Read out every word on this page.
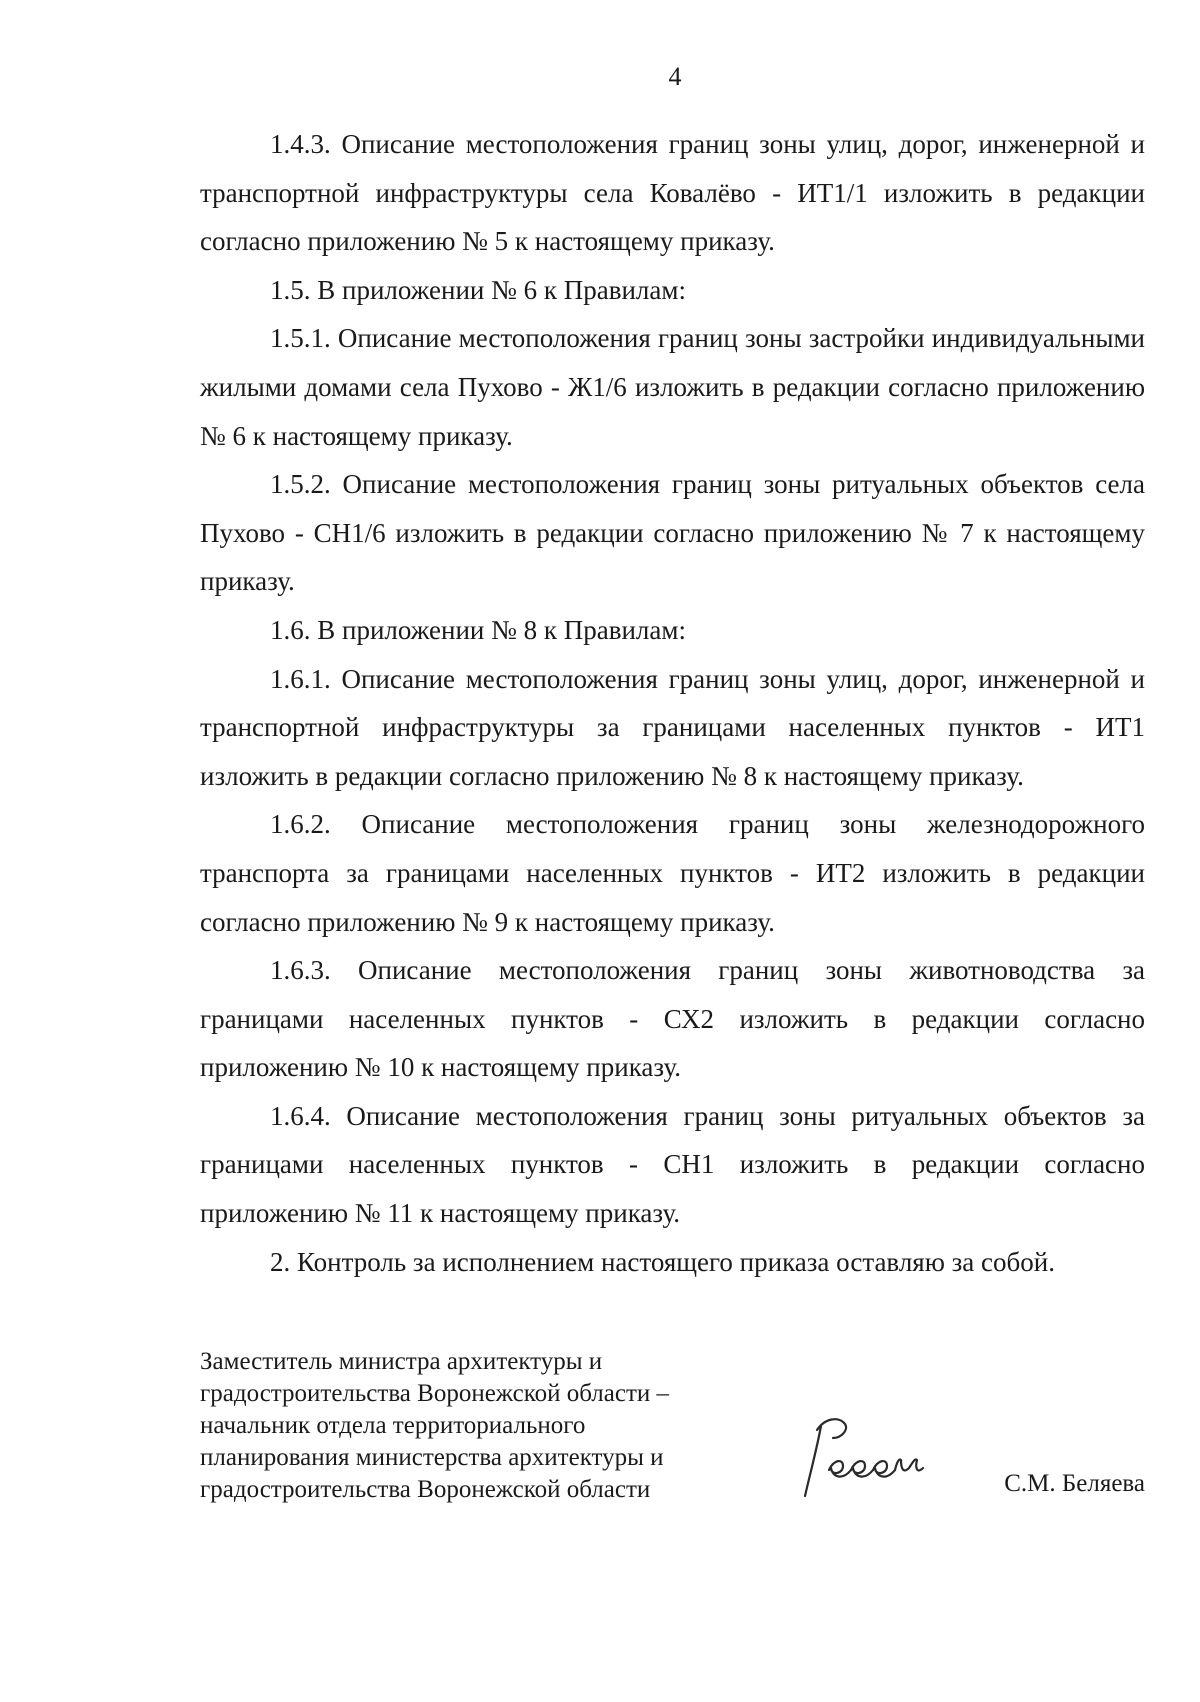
4

1.4.3. Описание местоположения границ зоны улиц, дорог, инженерной и транспортной инфраструктуры села Ковалёво - ИТ1/1 изложить в редакции согласно приложению № 5 к настоящему приказу.

1.5. В приложении № 6 к Правилам:

1.5.1. Описание местоположения границ зоны застройки индивидуальными жилыми домами села Пухово - Ж1/6 изложить в редакции согласно приложению № 6 к настоящему приказу.

1.5.2. Описание местоположения границ зоны ритуальных объектов села Пухово - СН1/6 изложить в редакции согласно приложению № 7 к настоящему приказу.

1.6. В приложении № 8 к Правилам:

1.6.1. Описание местоположения границ зоны улиц, дорог, инженерной и транспортной инфраструктуры за границами населенных пунктов - ИТ1 изложить в редакции согласно приложению № 8 к настоящему приказу.

1.6.2. Описание местоположения границ зоны железнодорожного транспорта за границами населенных пунктов - ИТ2 изложить в редакции согласно приложению № 9 к настоящему приказу.

1.6.3. Описание местоположения границ зоны животноводства за границами населенных пунктов - СХ2 изложить в редакции согласно приложению № 10 к настоящему приказу.

1.6.4. Описание местоположения границ зоны ритуальных объектов за границами населенных пунктов - СН1 изложить в редакции согласно приложению № 11 к настоящему приказу.

2. Контроль за исполнением настоящего приказа оставляю за собой.

Заместитель министра архитектуры и
градостроительства Воронежской области –
начальник отдела территориального
планирования министерства архитектуры и
градостроительства Воронежской области	С.М. Беляева
